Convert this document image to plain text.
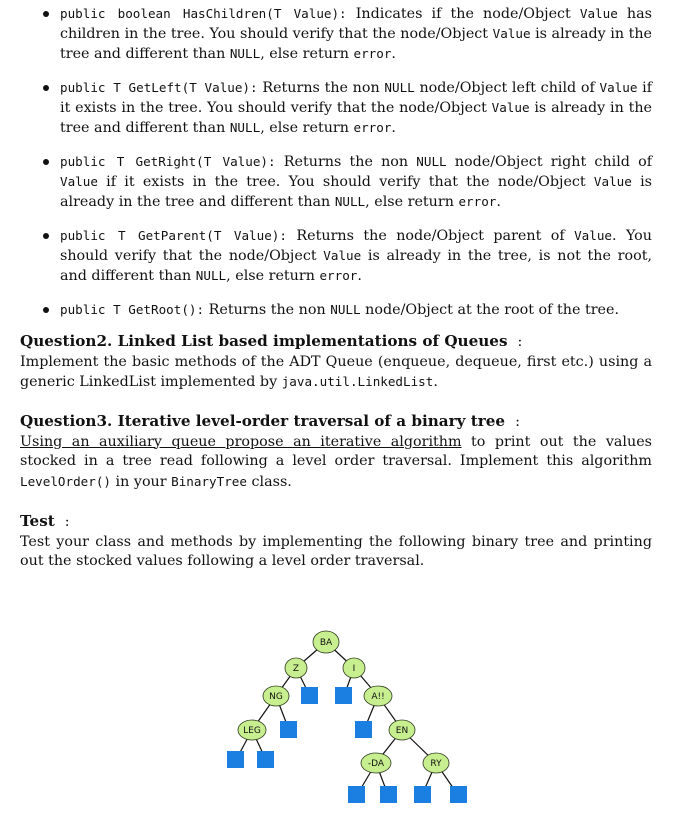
public boolean HasChildren(T Value): Indicates if the node/Object Value has children in the tree. You should verify that the node/Object Value is already in the tree and different than NULL, else return error.
public T GetLeft(T Value): Returns the non NULL node/Object left child of Value if it exists in the tree. You should verify that the node/Object Value is already in the tree and different than NULL, else return error.
public T GetRight(T Value): Returns the non NULL node/Object right child of Value if it exists in the tree. You should verify that the node/Object Value is already in the tree and different than NULL, else return error.
public T GetParent(T Value): Returns the node/Object parent of Value. You should verify that the node/Object Value is already in the tree, is not the root, and different than NULL, else return error.
public T GetRoot(): Returns the non NULL node/Object at the root of the tree.
Question2. Linked List based implementations of Queues :
Implement the basic methods of the ADT Queue (enqueue, dequeue, first etc.) using a generic LinkedList implemented by java.util.LinkedList.
Question3. Iterative level-order traversal of a binary tree :
Using an auxiliary queue propose an iterative algorithm to print out the values stocked in a tree read following a level order traversal. Implement this algorithm LevelOrder() in your BinaryTree class.
Test :
Test your class and methods by implementing the following binary tree and printing out the stocked values following a level order traversal.
BA
Z	I
NG	A!!
LEG	EN
-DA	RY
